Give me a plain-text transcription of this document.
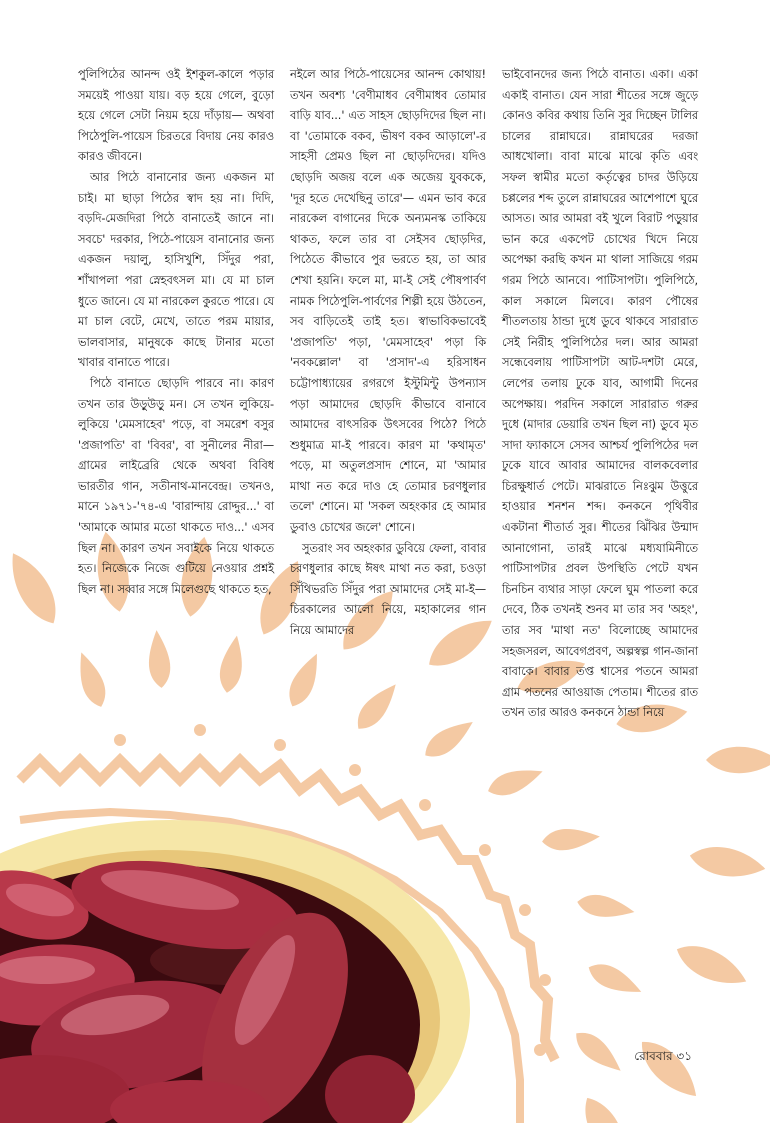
পুলিপিঠের আনন্দ ওই ইশকুল-কালে পড়ার সময়েই পাওয়া যায়। বড় হয়ে গেলে, বুড়ো হয়ে গেলে সেটা নিয়ম হয়ে দাঁড়ায়— অথবা পিঠেপুলি-পায়েস চিরতরে বিদায় নেয় কারও কারও জীবনে।

আর পিঠে বানানোর জন্য একজন মা চাই। মা ছাড়া পিঠের স্বাদ হয় না। দিদি, বড়দি-মেজদিরা পিঠে বানাতেই জানে না। সবচে' দরকার, পিঠে-পায়েস বানানোর জন্য একজন দয়ালু, হাসিখুশি, সিঁদুর পরা, শাঁখাপলা পরা স্নেহবৎসল মা। যে মা চাল ধুতে জানে। যে মা নারকেল কুরতে পারে। যে মা চাল বেটে, মেখে, তাতে পরম মায়ার, ভালবাসার, মানুষকে কাছে টানার মতো খাবার বানাতে পারে।

পিঠে বানাতে ছোড়দি পারবে না। কারণ তখন তার উড়ুউড়ু মন। সে তখন লুকিয়ে-লুকিয়ে 'মেমসাহেব' পড়ে, বা সমরেশ বসুর 'প্রজাপতি' বা 'বিবর', বা সুনীলের নীরা— গ্রামের লাইব্রেরি থেকে অথবা বিবিধ ভারতীর গান, সতীনাথ-মানবেন্দ্র। তখনও, মানে ১৯৭১-'৭৪-এ 'বারান্দায় রোদ্দুর...' বা 'আমাকে আমার মতো থাকতে দাও...' এসব ছিল না। কারণ তখন সবাইকে নিয়ে থাকতে হত। নিজেকে নিজে গুটিয়ে নেওয়ার প্রশ্নই ছিল না। সব্বার সঙ্গে মিলেগুছে থাকতে হত,

নইলে আর পিঠে-পায়েসের আনন্দ কোথায়! তখন অবশ্য 'বেণীমাধব বেণীমাধব তোমার বাড়ি যাব...' এত সাহস ছোড়দিদের ছিল না। বা 'তোমাকে বকব, ভীষণ বকব আড়ালে'-র সাহসী প্রেমও ছিল না ছোড়দিদের। যদিও ছোড়দি অজয় বলে এক অজেয় যুবককে, 'দূর হতে দেখেছিনু তারে'— এমন ভাব করে নারকেল বাগানের দিকে অন্যমনস্ক তাকিয়ে থাকত, ফলে তার বা সেইসব ছোড়দির, পিঠেতে কীভাবে পুর ভরতে হয়, তা আর শেখা হয়নি। ফলে মা, মা-ই সেই পৌষপার্বণ নামক পিঠেপুলি-পার্বণের শিল্পী হয়ে উঠতেন, সব বাড়িতেই তাই হত। স্বাভাবিকভাবেই 'প্রজাপতি' পড়া, 'মেমসাহেব' পড়া কি 'নবকল্লোল' বা 'প্রসাদ'-এ হরিসাধন চট্টোপাধ্যায়ের রগরগে ইস্টুমিন্টু উপন্যাস পড়া আমাদের ছোড়দি কীভাবে বানাবে আমাদের বাৎসরিক উৎসবের পিঠে? পিঠে শুধুমাত্র মা-ই পারবে। কারণ মা 'কথামৃত' পড়ে, মা অতুলপ্রসাদ শোনে, মা 'আমার মাথা নত করে দাও হে তোমার চরণধুলার তলে' শোনে। মা 'সকল অহংকার হে আমার ডুবাও চোখের জলে' শোনে।

সুতরাং সব অহংকার ডুবিয়ে ফেলা, বাবার চরণধুলার কাছে ঈষৎ মাথা নত করা, চওড়া সিঁথিভরতি সিঁদুর পরা আমাদের সেই মা-ই— চিরকালের আলো নিয়ে, মহাকালের গান নিয়ে আমাদের

ভাইবোনদের জন্য পিঠে বানাত। একা। একা একাই বানাত। যেন সারা শীতের সঙ্গে জুড়ে কোনও কবির কথায় তিনি সুর দিচ্ছেন টালির চালের রান্নাঘরে। রান্নাঘরের দরজা আধখোলা। বাবা মাঝে মাঝে কৃতি এবং সফল স্বামীর মতো কর্তৃত্বের চাদর উড়িয়ে চপ্পলের শব্দ তুলে রান্নাঘরের আশেপাশে ঘুরে আসত। আর আমরা বই খুলে বিরাট পড়ুয়ার ভান করে একপেট চোখের খিদে নিয়ে অপেক্ষা করছি কখন মা থালা সাজিয়ে গরম গরম পিঠে আনবে। পাটিসাপটা। পুলিপিঠে, কাল সকালে মিলবে। কারণ পৌষের শীতলতায় ঠান্ডা দুধে ডুবে থাকবে সারারাত সেই নিরীহ পুলিপিঠের দল। আর আমরা সন্ধেবেলায় পাটিসাপটা আট-দশটা মেরে, লেপের তলায় ঢুকে যাব, আগামী দিনের অপেক্ষায়। পরদিন সকালে সারারাত গরুর দুধে (মাদার ডেয়ারি তখন ছিল না) ডুবে মৃত সাদা ফ্যাকাসে সেসব আশ্চর্য পুলিপিঠের দল ঢুকে যাবে আবার আমাদের বালকবেলার চিরক্ষুধার্ত পেটে। মাঝরাতে নিঃঝুম উত্তুরে হাওয়ার শনশন শব্দ। কনকনে পৃথিবীর একটানা শীতার্ত সুর। শীতের ঝিঁঝির উন্মাদ আনাগোনা, তারই মাঝে মধ্যযামিনীতে পাটিসাপটার প্রবল উপস্থিতি পেটে যখন চিনচিন ব্যথার সাড়া ফেলে ঘুম পাতলা করে দেবে, ঠিক তখনই শুনব মা তার সব 'অহং', তার সব 'মাথা নত' বিলোচ্ছে আমাদের সহজসরল, আবেগপ্রবণ, অল্পস্বল্প গান-জানা বাবাকে। বাবার তপ্ত শ্বাসের পতনে আমরা গ্রাম পতনের আওয়াজ পেতাম। শীতের রাত তখন তার আরও কনকনে ঠান্ডা নিয়ে

রোববার ৩১
